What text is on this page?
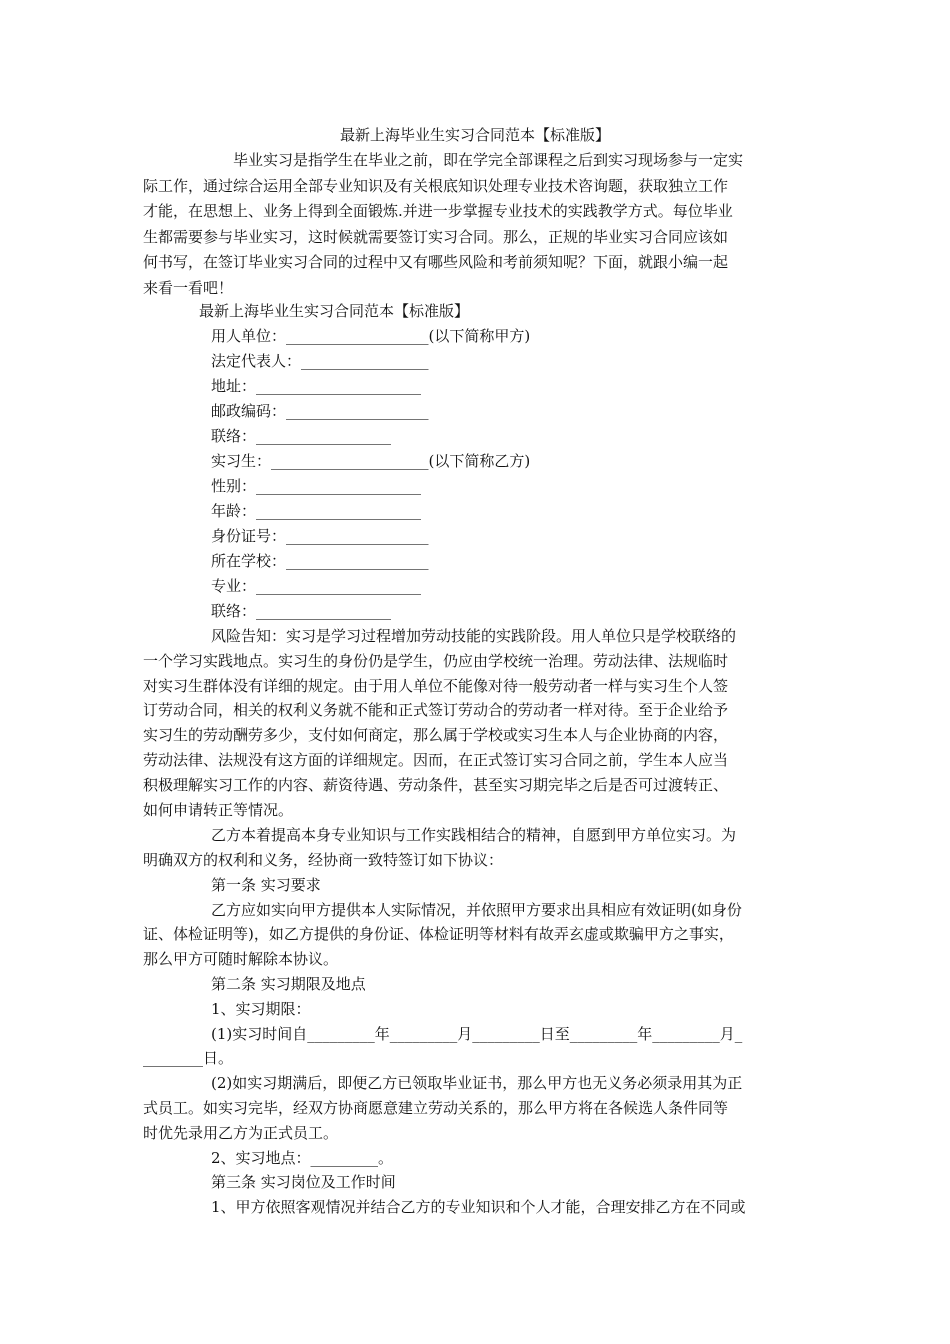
最新上海毕业生实习合同范本【标准版】
毕业实习是指学生在毕业之前，即在学完全部课程之后到实习现场参与一定实
际工作，通过综合运用全部专业知识及有关根底知识处理专业技术咨询题，获取独立工作
才能，在思想上、业务上得到全面锻炼.并进一步掌握专业技术的实践教学方式。每位毕业
生都需要参与毕业实习，这时候就需要签订实习合同。那么，正规的毕业实习合同应该如
何书写，在签订毕业实习合同的过程中又有哪些风险和考前须知呢？下面，就跟小编一起
来看一看吧！
最新上海毕业生实习合同范本【标准版】
用人单位：___________________(以下简称甲方)
法定代表人：_________________
地址：______________________
邮政编码：___________________
联络：__________________
实习生：_____________________(以下简称乙方)
性别：______________________
年龄：______________________
身份证号：___________________
所在学校：___________________
专业：______________________
联络：__________________
风险告知：实习是学习过程增加劳动技能的实践阶段。用人单位只是学校联络的
一个学习实践地点。实习生的身份仍是学生，仍应由学校统一治理。劳动法律、法规临时
对实习生群体没有详细的规定。由于用人单位不能像对待一般劳动者一样与实习生个人签
订劳动合同，相关的权利义务就不能和正式签订劳动合的劳动者一样对待。至于企业给予
实习生的劳动酬劳多少，支付如何商定，那么属于学校或实习生本人与企业协商的内容，
劳动法律、法规没有这方面的详细规定。因而，在正式签订实习合同之前，学生本人应当
积极理解实习工作的内容、薪资待遇、劳动条件，甚至实习期完毕之后是否可过渡转正、
如何申请转正等情况。
乙方本着提高本身专业知识与工作实践相结合的精神，自愿到甲方单位实习。为
明确双方的权利和义务，经协商一致特签订如下协议：
第一条 实习要求
乙方应如实向甲方提供本人实际情况，并依照甲方要求出具相应有效证明(如身份
证、体检证明等)，如乙方提供的身份证、体检证明等材料有故弄玄虚或欺骗甲方之事实，
那么甲方可随时解除本协议。
第二条 实习期限及地点
1、实习期限：
(1)实习时间自_________年_________月_________日至_________年_________月_
________日。
(2)如实习期满后，即便乙方已领取毕业证书，那么甲方也无义务必须录用其为正
式员工。如实习完毕，经双方协商愿意建立劳动关系的，那么甲方将在各候选人条件同等
时优先录用乙方为正式员工。
2、实习地点：_________。
第三条 实习岗位及工作时间
1、甲方依照客观情况并结合乙方的专业知识和个人才能，合理安排乙方在不同或
